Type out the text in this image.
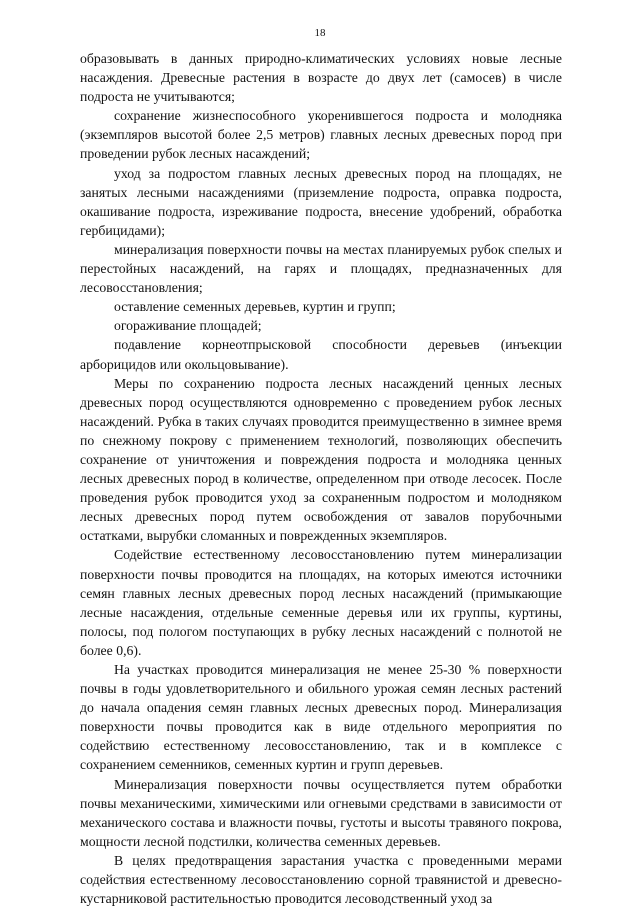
18

образовывать в данных природно-климатических условиях новые лесные насаждения. Древесные растения в возрасте до двух лет (самосев) в числе подроста не учитываются;

сохранение жизнеспособного укоренившегося подроста и молодняка (экземпляров высотой более 2,5 метров) главных лесных древесных пород при проведении рубок лесных насаждений;

уход за подростом главных лесных древесных пород на площадях, не занятых лесными насаждениями (приземление подроста, оправка подроста, окашивание подроста, изреживание подроста, внесение удобрений, обработка гербицидами);

минерализация поверхности почвы на местах планируемых рубок спелых и перестойных насаждений, на гарях и площадях, предназначенных для лесовосстановления;

оставление семенных деревьев, куртин и групп;

огораживание площадей;

подавление корнеотпрысковой способности деревьев (инъекции арборицидов или окольцовывание).

Меры по сохранению подроста лесных насаждений ценных лесных древесных пород осуществляются одновременно с проведением рубок лесных насаждений. Рубка в таких случаях проводится преимущественно в зимнее время по снежному покрову с применением технологий, позволяющих обеспечить сохранение от уничтожения и повреждения подроста и молодняка ценных лесных древесных пород в количестве, определенном при отводе лесосек. После проведения рубок проводится уход за сохраненным подростом и молодняком лесных древесных пород путем освобождения от завалов порубочными остатками, вырубки сломанных и поврежденных экземпляров.

Содействие естественному лесовосстановлению путем минерализации поверхности почвы проводится на площадях, на которых имеются источники семян главных лесных древесных пород лесных насаждений (примыкающие лесные насаждения, отдельные семенные деревья или их группы, куртины, полосы, под пологом поступающих в рубку лесных насаждений с полнотой не более 0,6).

На участках проводится минерализация не менее 25-30 % поверхности почвы в годы удовлетворительного и обильного урожая семян лесных растений до начала опадения семян главных лесных древесных пород. Минерализация поверхности почвы проводится как в виде отдельного мероприятия по содействию естественному лесовосстановлению, так и в комплексе с сохранением семенников, семенных куртин и групп деревьев.

Минерализация поверхности почвы осуществляется путем обработки почвы механическими, химическими или огневыми средствами в зависимости от механического состава и влажности почвы, густоты и высоты травяного покрова, мощности лесной подстилки, количества семенных деревьев.

В целях предотвращения зарастания участка с проведенными мерами содействия естественному лесовосстановлению сорной травянистой и древесно-кустарниковой растительностью проводится лесоводственный уход за
